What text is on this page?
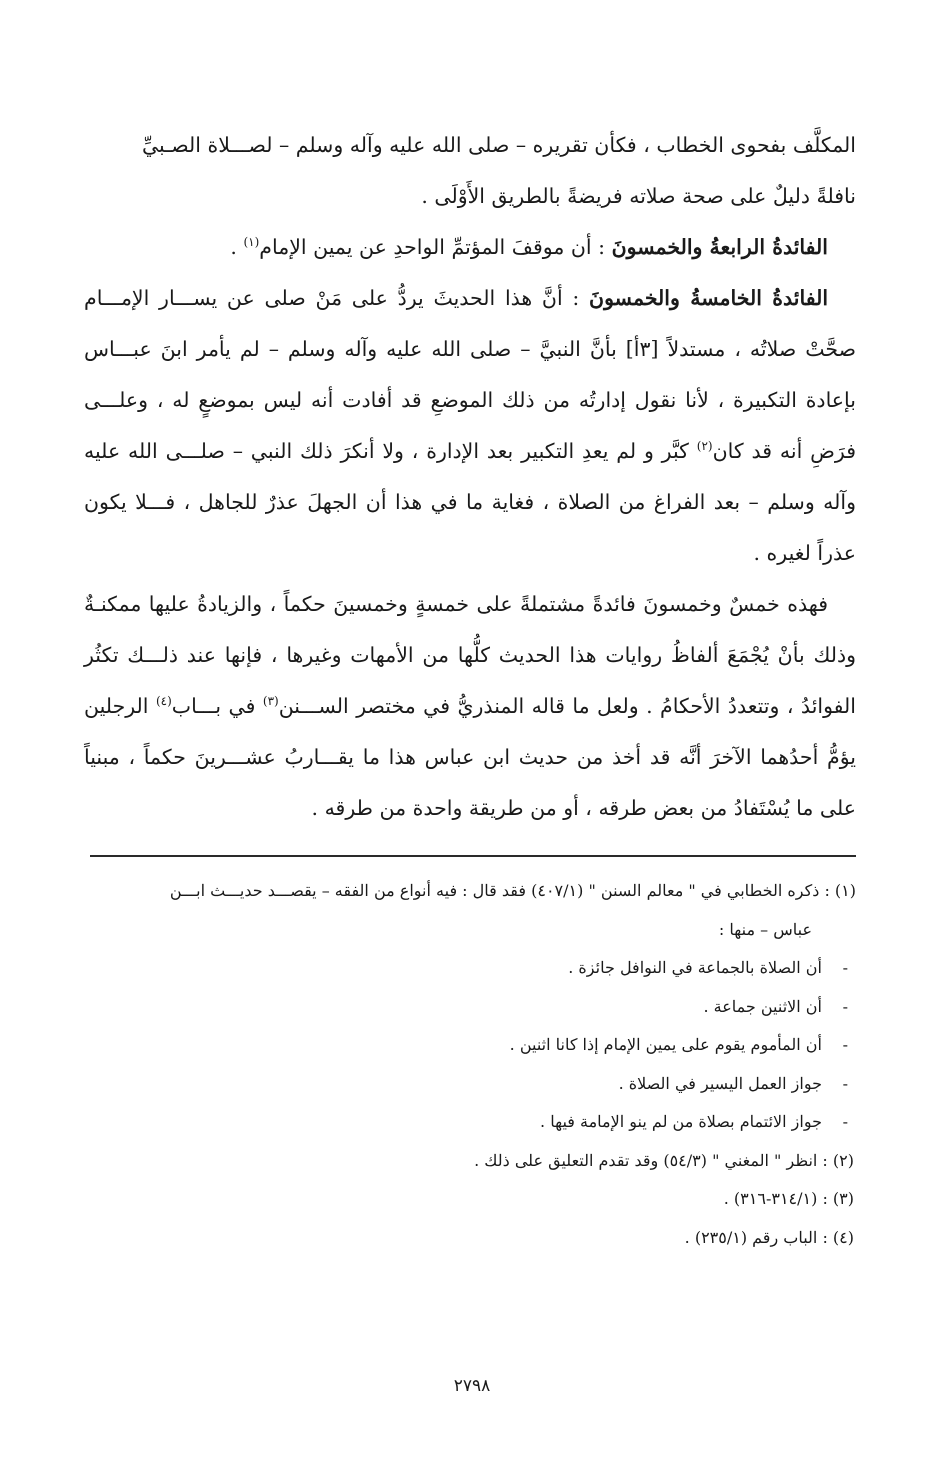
المكلَّف بفحوى الخطاب ، فكأن تقريره – صلى الله عليه وآله وسلم – لصـــلاة الصـبيِّ
نافلةً دليلٌ على صحة صلاته فريضةً بالطريق الأَوْلَى .

الفائدةُ الرابعةُ والخمسونَ : أن موقفَ المؤتمِّ الواحدِ عن يمين الإمام$^{(١)}$ .

الفائدةُ الخامسةُ والخمسونَ : أنَّ هذا الحديثَ يردُّ على مَنْ صلى عن يســـار الإمـــام صحَّتْ صلاتُه ، مستدلاً [٣أ] بأنَّ النبيَّ – صلى الله عليه وآله وسلم – لم يأمر ابنَ عبـــاس بإعادة التكبيرة ، لأنا نقول إدارتُه من ذلك الموضعِ قد أفادت أنه ليس بموضعٍ له ، وعلـــى فرَضِ أنه قد كان$^{(٢)}$ كبَّر و لم يعدِ التكبير بعد الإدارة ، ولا أنكرَ ذلك النبي – صلـــى الله عليه وآله وسلم – بعد الفراغ من الصلاة ، فغاية ما في هذا أن الجهلَ عذرٌ للجاهل ، فـــلا يكون عذراً لغيره .

فهذه خمسٌ وخمسونَ فائدةً مشتملةً على خمسةٍ وخمسينَ حكماً ، والزيادةُ عليها ممكنـةٌ وذلك بأنْ يُجْمَعَ ألفاظُ روايات هذا الحديث كلُّها من الأمهات وغيرها ، فإنها عند ذلـــك تكثُر الفوائدُ ، وتتعددُ الأحكامُ . ولعل ما قاله المنذريُّ في مختصر الســـنن$^{(٣)}$ في بـــاب$^{(٤)}$ الرجلين يؤمُّ أحدُهما الآخرَ أنَّه قد أخذ من حديث ابن عباس هذا ما يقـــاربُ عشـــرينَ حكماً ، مبنياً على ما يُسْتَفادُ من بعض طرقه ، أو من طريقة واحدة من طرقه .

(١) : ذكره الخطابي في " معالم السنن " (٤٠٧/١) فقد قال : فيه أنواع من الفقه – يقصـــد حديـــث ابـــن

عباس – منها :

-
أن الصلاة بالجماعة في النوافل جائزة .
-
أن الاثنين جماعة .
-
أن المأموم يقوم على يمين الإمام إذا كانا اثنين .
-
جواز العمل اليسير في الصلاة .
-
جواز الائتمام بصلاة من لم ينو الإمامة فيها .

(٢) : انظر " المغني " (٥٤/٣) وقد تقدم التعليق على ذلك .

(٣) : (٣١٤/١-٣١٦) .

(٤) : الباب رقم (٢٣٥/١) .

٢٧٩٨
